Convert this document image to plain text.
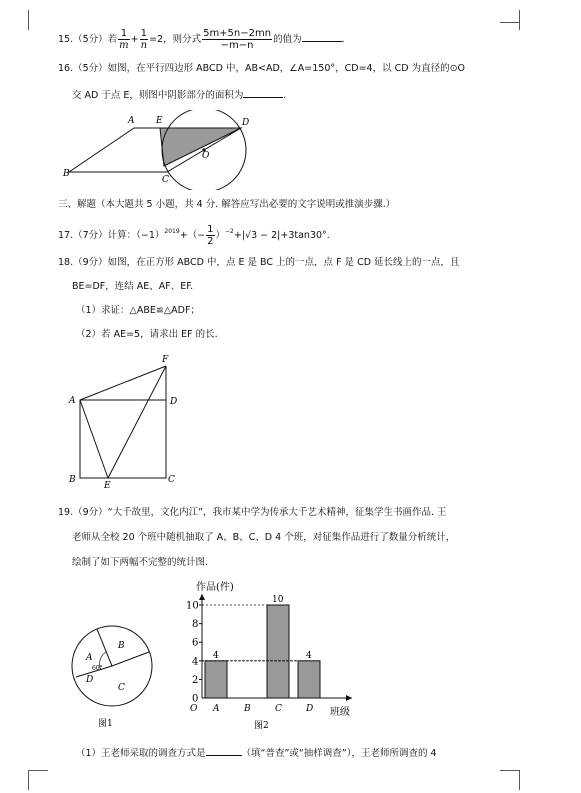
15.（5分）若 $\frac{1}{m} + \frac{1}{n} =2$，则分式 $\frac{5m+5n-2mn}{-m-n}$ 的值为	.
16.（5分）如图，在平行四边形 ABCD 中，AB<AD，∠A=150°，CD=4，以 CD 为直径的⊙O
交 AD 于点 E，则图中阴影部分的面积为	.
A E	D
B
C
O
三、解题（本大题共 5 小题，共 4 分. 解答应写出必要的文字说明或推演步骤.）
17.（7分）计算：$(-1)^{2019}+(- \frac{1}{2} )^{-2}+|√3 - 2|+3\tan 30^\circ$.
18.（9分）如图，在正方形 ABCD 中，点 E 是 BC 上的一点，点 F 是 CD 延长线上的一点，且
BE=DF，连结 AE、AF、EF.
（1）求证：△ABE≌△ADF；
（2）若 AE=5，请求出 EF 的长.
F
A	D
B
E
C
19.（9分）“大千故里，文化内江”，我市某中学为传承大千艺术精神，征集学生书画作品. 王
老师从全校 20 个班中随机抽取了 A、B、C、D 4 个班，对征集作品进行了数量分析统计，
绘制了如下两幅不完整的统计图.
A
B
C
D
60°
图1
作品(件)
班级
图2
0
2
4
6
8
10
4
A	B
10
C
4
D
O
（1）王老师采取的调查方式是	（填“普查”或“抽样调查”），王老师所调查的 4
